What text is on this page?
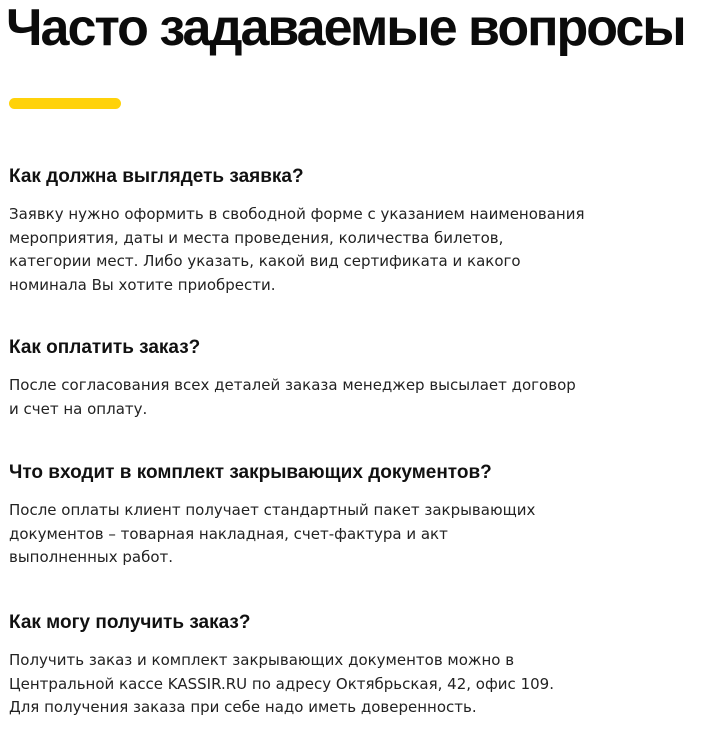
Часто задаваемые вопросы
Как должна выглядеть заявка?

Заявку нужно оформить в свободной форме с указанием наименования мероприятия, даты и места проведения, количества билетов, категории мест. Либо указать, какой вид сертификата и какого номинала Вы хотите приобрести.

Как оплатить заказ?

После согласования всех деталей заказа менеджер высылает договор и счет на оплату.

Что входит в комплект закрывающих документов?

После оплаты клиент получает стандартный пакет закрывающих документов – товарная накладная, счет-фактура и акт выполненных работ.

Как могу получить заказ?

Получить заказ и комплект закрывающих документов можно в Центральной кассе KASSIR.RU по адресу Октябрьская, 42, офис 109. Для получения заказа при себе надо иметь доверенность.
